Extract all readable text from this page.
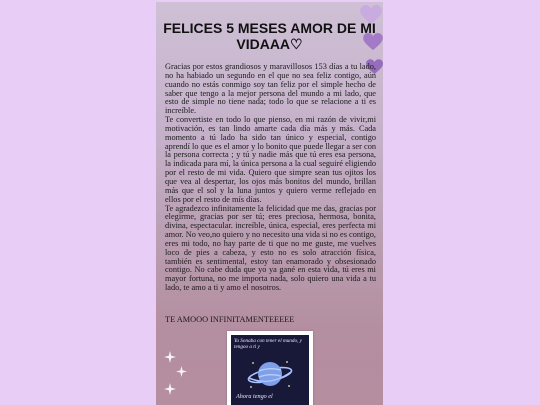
FELICES 5 MESES AMOR DE MI VIDAAA♡

Gracias por estos grandiosos y maravillosos 153 días a tu lado, no ha habiado un segundo en el que no sea feliz contigo, aún cuando no estás conmigo soy tan feliz por el simple hecho de saber que tengo a la mejor persona del mundo a mi lado, que esto de simple no tiene nada; todo lo que se relacione a ti es increíble.

Te convertiste en todo lo que pienso, en mi razón de vivir,mi motivación, es tan lindo amarte cada día más y más. Cada momento a tú lado ha sido tan único y especial, contigo aprendí lo que es el amor y lo bonito que puede llegar a ser con la persona correcta ; y tú y nadie más que tú eres esa persona, la indicada para mí, la única persona a la cual seguiré eligiendo por el resto de mi vida. Quiero que simpre sean tus ojitos los que vea al despertar, los ojos más bonitos del mundo, brillan más que el sol y la luna juntos y quiero verme reflejado en ellos por el resto de mís días.

Te agradezco infinitamente la felicidad que me das, gracias por elegirme, gracias por ser tú; eres preciosa, hermosa, bonita, divina, espectacular. increíble, única, especial, eres perfecta mi amor. No veo,no quiero y no necesito una vida si no es contigo, eres mi todo, no hay parte de ti que no me guste, me vuelves loco de pies a cabeza, y esto no es solo atracción física, también es sentimental, estoy tan enamorado y obsesionado contigo. No cabe duda que yo ya gané en esta vida, tú eres mi mayor fortuna, no me importa nada, solo quiero una vida a tu lado, te amo a ti y amo el nosotros.

TE AMOOO INFINITAMENTEEEEE
Ya Sonaba con tener el mundo, y tengoo a ti y
Ahora tengo el
